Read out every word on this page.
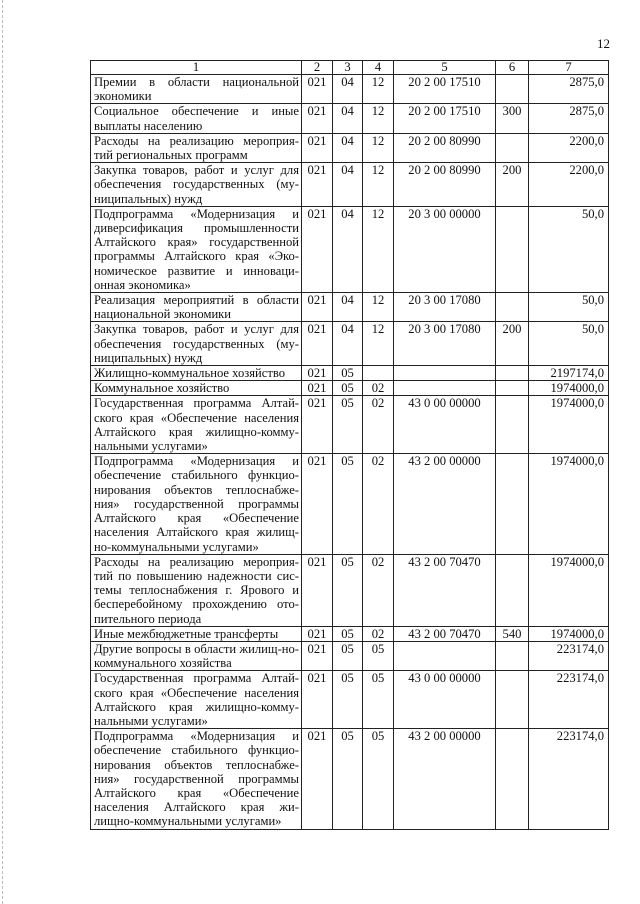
12
1	2	3	4	5	6	7
Премии в области национальной экономики	021	04	12	20 2 00 17510		2875,0
Социальное обеспечение и иные выплаты населению	021	04	12	20 2 00 17510	300	2875,0
Расходы на реализацию мероприя-тий региональных программ	021	04	12	20 2 00 80990		2200,0
Закупка товаров, работ и услуг для обеспечения государственных (му-ниципальных) нужд	021	04	12	20 2 00 80990	200	2200,0
Подпрограмма «Модернизация и диверсификация промышленности Алтайского края» государственной программы Алтайского края «Эко-номическое развитие и инноваци-онная экономика»	021	04	12	20 3 00 00000		50,0
Реализация мероприятий в области национальной экономики	021	04	12	20 3 00 17080		50,0
Закупка товаров, работ и услуг для обеспечения государственных (му-ниципальных) нужд	021	04	12	20 3 00 17080	200	50,0
Жилищно-коммунальное хозяйство	021	05				2197174,0
Коммунальное хозяйство	021	05	02			1974000,0
Государственная программа Алтай-ского края «Обеспечение населения Алтайского края жилищно-комму-нальными услугами»	021	05	02	43 0 00 00000		1974000,0
Подпрограмма «Модернизация и обеспечение стабильного функцио-нирования объектов теплоснабже-ния» государственной программы Алтайского края «Обеспечение населения Алтайского края жилищ-но-коммунальными услугами»	021	05	02	43 2 00 00000		1974000,0
Расходы на реализацию мероприя-тий по повышению надежности сис-темы теплоснабжения г. Ярового и бесперебойному прохождению ото-пительного периода	021	05	02	43 2 00 70470		1974000,0
Иные межбюджетные трансферты	021	05	02	43 2 00 70470	540	1974000,0
Другие вопросы в области жилищ-но-коммунального хозяйства	021	05	05			223174,0
Государственная программа Алтай-ского края «Обеспечение населения Алтайского края жилищно-комму-нальными услугами»	021	05	05	43 0 00 00000		223174,0
Подпрограмма «Модернизация и обеспечение стабильного функцио-нирования объектов теплоснабже-ния» государственной программы Алтайского края «Обеспечение населения Алтайского края жи-лищно-коммунальными услугами»	021	05	05	43 2 00 00000		223174,0
